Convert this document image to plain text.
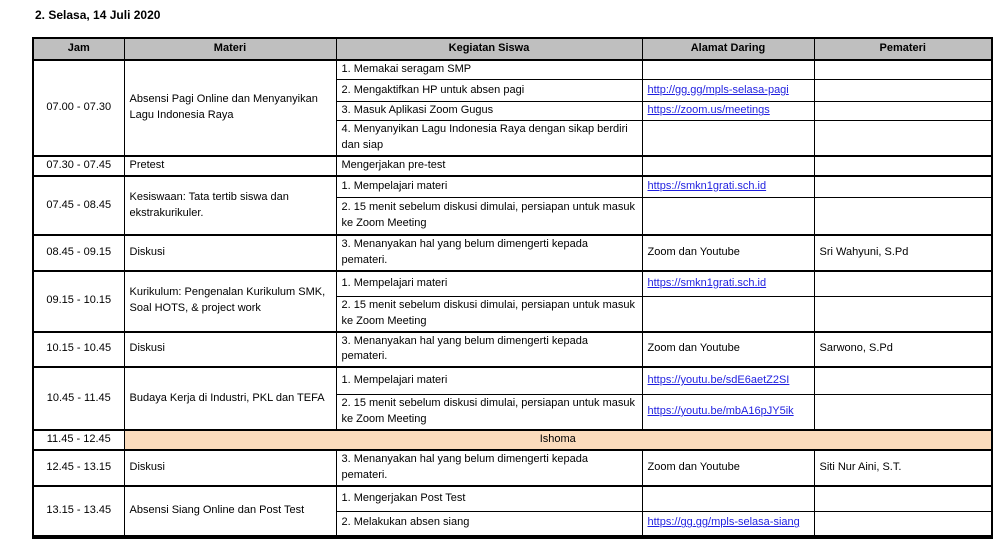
2. Selasa, 14 Juli 2020
Jam	Materi	Kegiatan Siswa	Alamat Daring	Pemateri
07.00 - 07.30	Absensi Pagi Online dan Menyanyikan Lagu Indonesia Raya	1. Memakai seragam SMP		
		2. Mengaktifkan HP untuk absen pagi	http://gg.gg/mpls-selasa-pagi	
		3. Masuk Aplikasi Zoom Gugus	https://zoom.us/meetings	
		4. Menyanyikan Lagu Indonesia Raya dengan sikap berdiri dan siap		
07.30 - 07.45	Pretest	Mengerjakan pre-test		
07.45 - 08.45	Kesiswaan: Tata tertib siswa dan ekstrakurikuler.	1. Mempelajari materi	https://smkn1grati.sch.id	
		2. 15 menit sebelum diskusi dimulai, persiapan untuk masuk ke Zoom Meeting		
08.45 - 09.15	Diskusi	3. Menanyakan hal yang belum dimengerti kepada pemateri.	Zoom dan Youtube	Sri Wahyuni, S.Pd
09.15 - 10.15	Kurikulum: Pengenalan Kurikulum SMK, Soal HOTS, & project work	1. Mempelajari materi	https://smkn1grati.sch.id	
		2. 15 menit sebelum diskusi dimulai, persiapan untuk masuk ke Zoom Meeting		
10.15 - 10.45	Diskusi	3. Menanyakan hal yang belum dimengerti kepada pemateri.	Zoom dan Youtube	Sarwono, S.Pd
10.45 - 11.45	Budaya Kerja di Industri, PKL dan TEFA	1. Mempelajari materi	https://youtu.be/sdE6aetZ2SI	
		2. 15 menit sebelum diskusi dimulai, persiapan untuk masuk ke Zoom Meeting	https://youtu.be/mbA16pJY5ik	
11.45 - 12.45	Ishoma			
12.45 - 13.15	Diskusi	3. Menanyakan hal yang belum dimengerti kepada pemateri.	Zoom dan Youtube	Siti Nur Aini, S.T.
13.15 - 13.45	Absensi Siang Online dan Post Test	1. Mengerjakan Post Test		
		2. Melakukan absen siang	https://gg.gg/mpls-selasa-siang	
